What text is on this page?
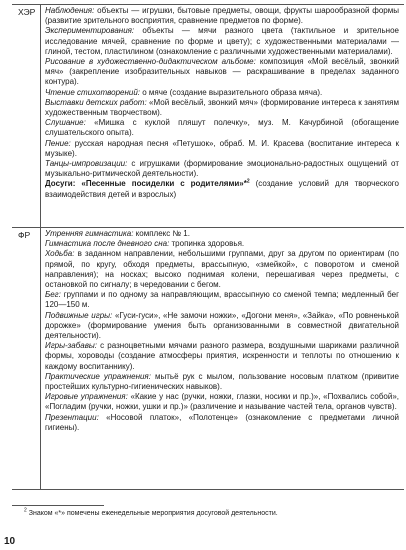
ХЭР Наблюдения: объекты — игрушки, бытовые предметы, овощи, фрукты шарообразной формы (развитие зрительного восприятия, сравнение предметов по форме).

Экспериментирования: объекты — мячи разного цвета (тактильное и зрительное исследование мячей, сравнение по форме и цвету); с художественными материалами — глиной, тестом, пластилином (ознакомление с различными художественными материалами).

Рисование в художественно-дидактическом альбоме: композиция «Мой весёлый, звонкий мяч» (закрепление изобразительных навыков — раскрашивание в пределах заданного контура).

Чтение стихотворений: о мяче (создание выразительного образа мяча).

Выставки детских работ: «Мой весёлый, звонкий мяч» (формирование интереса к занятиям художественным творчеством).

Слушание: «Мишка с куклой пляшут полечку», муз. М. Качурбиной (обогащение слушательского опыта).

Пение: русская народная песня «Петушок», обраб. М. И. Красева (воспитание интереса к музыке).

Танцы-импровизации: с игрушками (формирование эмоционально-радостных ощущений от музыкально-ритмической деятельности).

Досуги: «Песенные посиделки с родителями»*$^2$ (создание условий для творческого взаимодействия детей и взрослых)

ФР Утренняя гимнастика: комплекс № 1.

Гимнастика после дневного сна: тропинка здоровья.

Ходьба: в заданном направлении, небольшими группами, друг за другом по ориентирам (по прямой, по кругу, обходя предметы, врассыпную, «змейкой», с поворотом и сменой направления); на носках; высоко поднимая колени, перешагивая через предметы, с остановкой по сигналу; в чередовании с бегом.

Бег: группами и по одному за направляющим, врассыпную со сменой темпа; медленный бег 120—150 м.

Подвижные игры: «Гуси-гуси», «Не замочи ножки», «Догони меня», «Зайка», «По ровненькой дорожке» (формирование умения быть организованными в совместной двигательной деятельности).

Игры-забавы: с разноцветными мячами разного размера, воздушными шариками различной формы, хороводы (создание атмосферы приятия, искренности и теплоты по отношению к каждому воспитаннику).

Практические упражнения: мытьё рук с мылом, пользование носовым платком (привитие простейших культурно-гигиенических навыков).

Игровые упражнения: «Какие у нас (ручки, ножки, глазки, носики и пр.)», «Похвались собой», «Погладим (ручки, ножки, ушки и пр.)» (различение и называние частей тела, органов чувств).

Презентации: «Носовой платок», «Полотенце» (ознакомление с предметами личной гигиены).

$^2$ Знаком «*» помечены еженедельные мероприятия досуговой деятельности.
10
